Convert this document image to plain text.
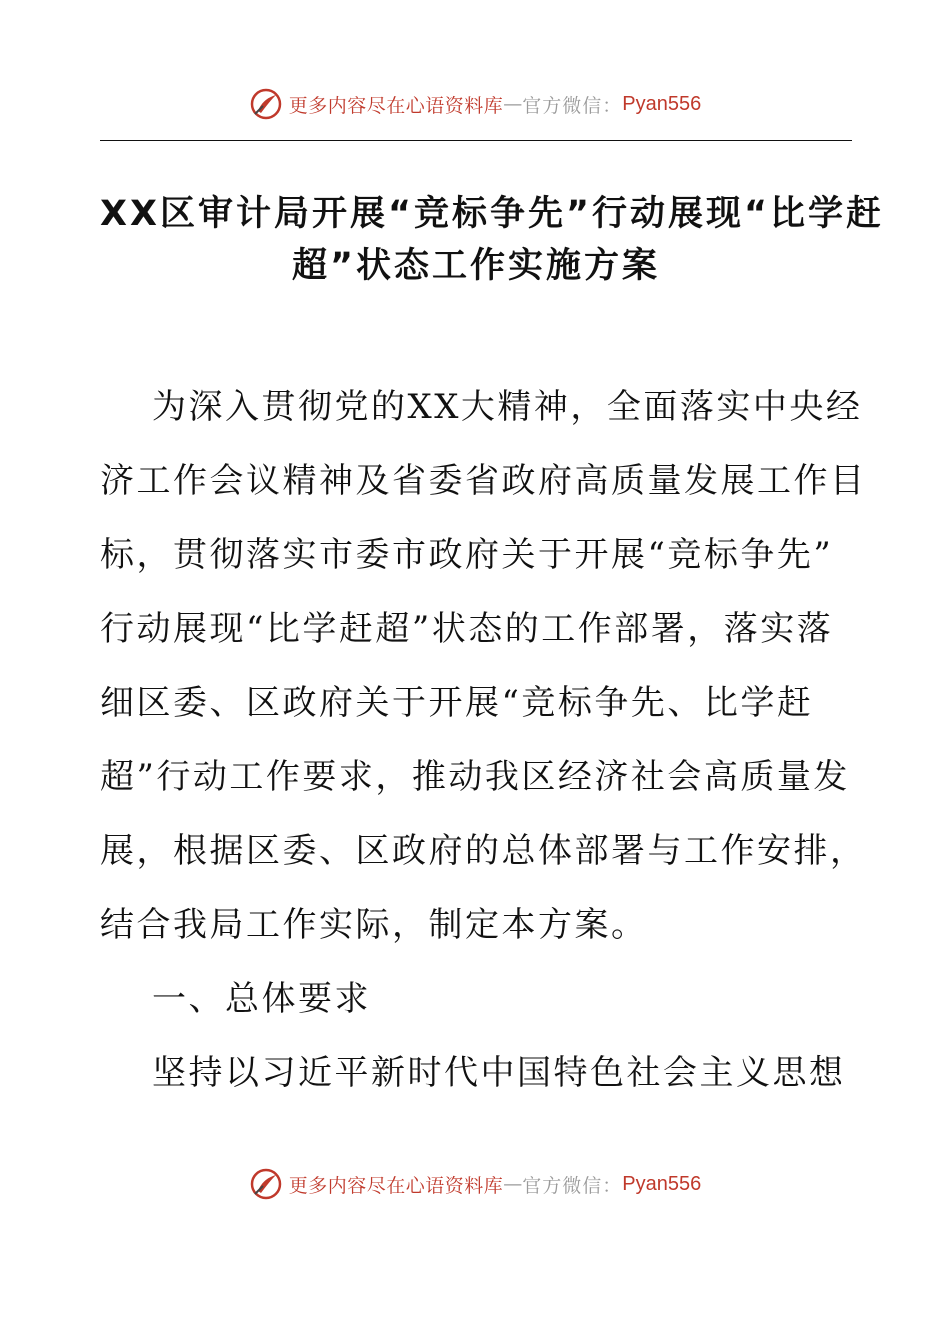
更多内容尽在心语资料库 — 官方微信： Pyan556
XX区审计局开展“竞标争先”行动展现“比学赶
超”状态工作实施方案
为深入贯彻党的XX大精神，全面落实中央经
济工作会议精神及省委省政府高质量发展工作目
标，贯彻落实市委市政府关于开展“竞标争先”
行动展现“比学赶超”状态的工作部署，落实落
细区委、区政府关于开展“竞标争先、比学赶
超”行动工作要求，推动我区经济社会高质量发
展，根据区委、区政府的总体部署与工作安排，
结合我局工作实际，制定本方案。
一、总体要求
坚持以习近平新时代中国特色社会主义思想
更多内容尽在心语资料库 — 官方微信： Pyan556
